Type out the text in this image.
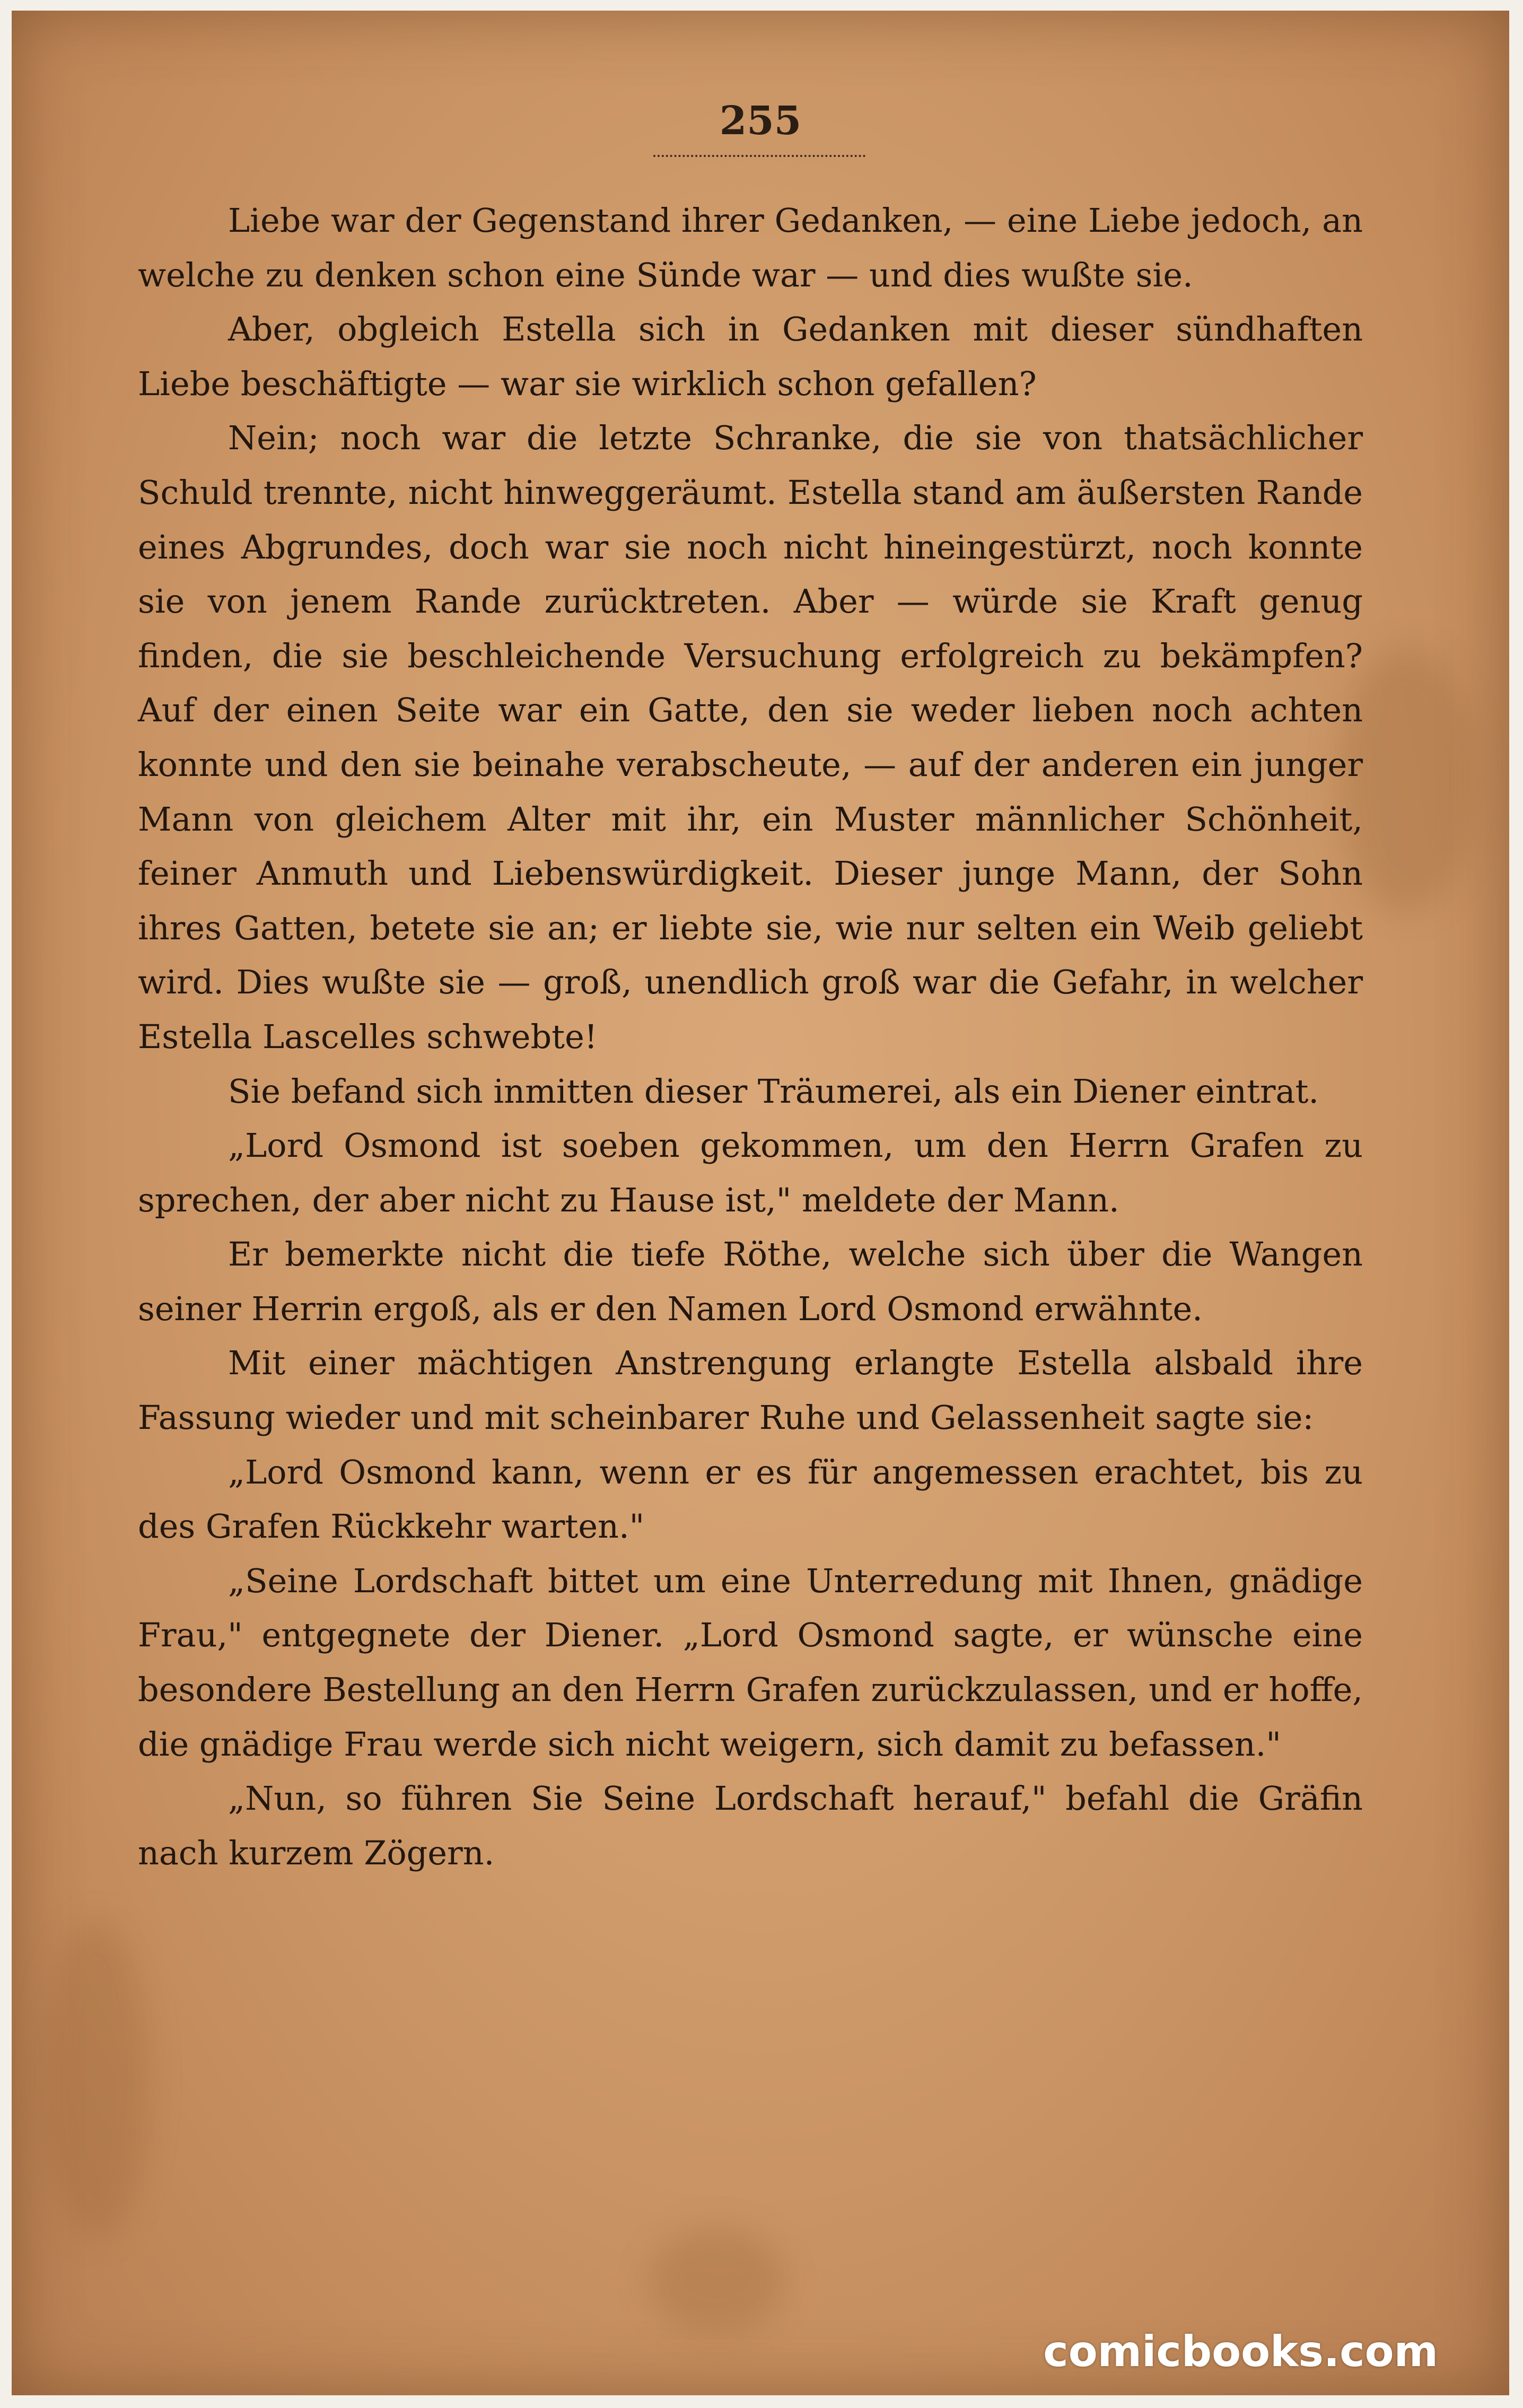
255

Liebe war der Gegenstand ihrer Gedanken, — eine Liebe jedoch, an welche zu denken schon eine Sünde war — und dies wußte sie.

Aber, obgleich Estella sich in Gedanken mit dieser sündhaften Liebe beschäftigte — war sie wirklich schon gefallen?

Nein; noch war die letzte Schranke, die sie von thatsächlicher Schuld trennte, nicht hinweggeräumt. Estella stand am äußersten Rande eines Abgrundes, doch war sie noch nicht hineingestürzt, noch konnte sie von jenem Rande zurücktreten. Aber — würde sie Kraft genug finden, die sie beschleichende Versuchung erfolgreich zu bekämpfen? Auf der einen Seite war ein Gatte, den sie weder lieben noch achten konnte und den sie beinahe verabscheute, — auf der anderen ein junger Mann von gleichem Alter mit ihr, ein Muster männlicher Schönheit, feiner Anmuth und Liebenswürdigkeit. Dieser junge Mann, der Sohn ihres Gatten, betete sie an; er liebte sie, wie nur selten ein Weib geliebt wird. Dies wußte sie — groß, unendlich groß war die Gefahr, in welcher Estella Lascelles schwebte!

Sie befand sich inmitten dieser Träumerei, als ein Diener eintrat.

„Lord Osmond ist soeben gekommen, um den Herrn Grafen zu sprechen, der aber nicht zu Hause ist," meldete der Mann.

Er bemerkte nicht die tiefe Röthe, welche sich über die Wangen seiner Herrin ergoß, als er den Namen Lord Osmond erwähnte.

Mit einer mächtigen Anstrengung erlangte Estella alsbald ihre Fassung wieder und mit scheinbarer Ruhe und Gelassenheit sagte sie:

„Lord Osmond kann, wenn er es für angemessen erachtet, bis zu des Grafen Rückkehr warten."

„Seine Lordschaft bittet um eine Unterredung mit Ihnen, gnädige Frau," entgegnete der Diener. „Lord Osmond sagte, er wünsche eine besondere Bestellung an den Herrn Grafen zurückzulassen, und er hoffe, die gnädige Frau werde sich nicht weigern, sich damit zu befassen."

„Nun, so führen Sie Seine Lordschaft herauf," befahl die Gräfin nach kurzem Zögern.

comicbooks.com
